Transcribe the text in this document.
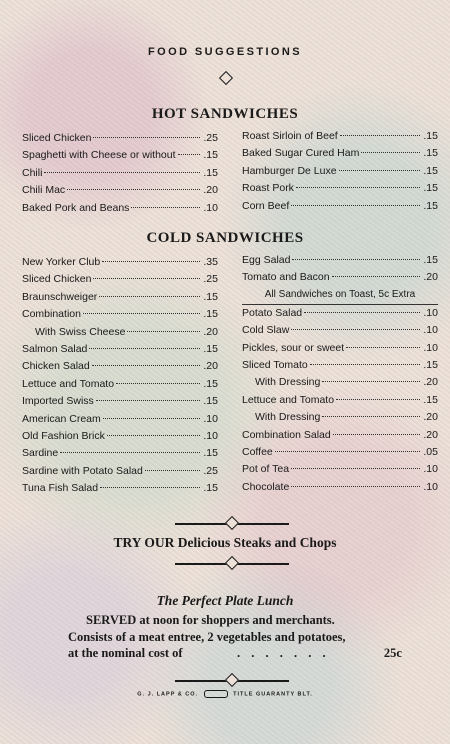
FOOD SUGGESTIONS
HOT SANDWICHES
Sliced Chicken	.25
Spaghetti with Cheese or without	.15
Chili	.15
Chili Mac	.20
Baked Pork and Beans	.10
Roast Sirloin of Beef	.15
Baked Sugar Cured Ham	.15
Hamburger De Luxe	.15
Roast Pork	.15
Corn Beef	.15
COLD SANDWICHES
New Yorker Club	.35
Sliced Chicken	.25
Braunschweiger	.15
Combination	.15
With Swiss Cheese	.20
Salmon Salad	.15
Chicken Salad	.20
Lettuce and Tomato	.15
Imported Swiss	.15
American Cream	.10
Old Fashion Brick	.10
Sardine	.15
Sardine with Potato Salad	.25
Tuna Fish Salad	.15
Egg Salad	.15
Tomato and Bacon	.20
All Sandwiches on Toast, 5c Extra
Potato Salad	.10
Cold Slaw	.10
Pickles, sour or sweet	.10
Sliced Tomato	.15
With Dressing	.20
Lettuce and Tomato	.15
With Dressing	.20
Combination Salad	.20
Coffee	.05
Pot of Tea	.10
Chocolate	.10
TRY OUR Delicious Steaks and Chops
The Perfect Plate Lunch
SERVED at noon for shoppers and merchants.
Consists of a meat entree, 2 vegetables and potatoes,
at the nominal cost of	. . . . . . .	25c
G. J. LAPP & CO.	TITLE GUARANTY BLT.
